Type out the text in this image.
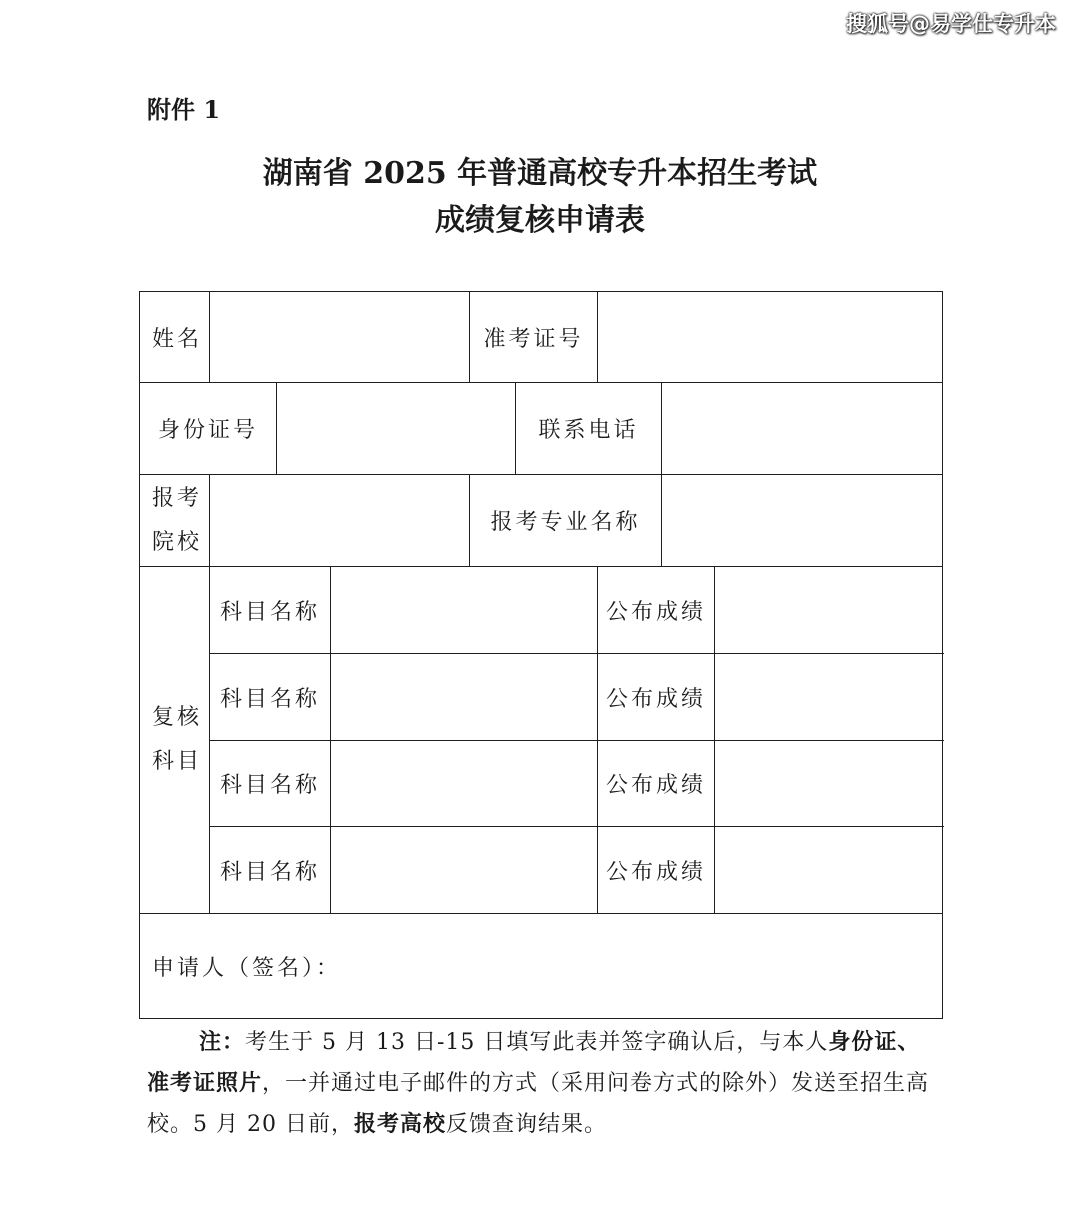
搜狐号@易学仕专升本
附件 1
湖南省 2025 年普通高校专升本招生考试
成绩复核申请表
姓名				准考证号				
身份证号					联系电话			

报考
院校				报考专业名称				

复核
科目	科目名称					公布成绩		
	科目名称					公布成绩		
	科目名称					公布成绩		
	科目名称					公布成绩		
申请人（签名）：								
注：考生于 5 月 13 日-15 日填写此表并签字确认后，与本人身份证、准考证照片，一并通过电子邮件的方式（采用问卷方式的除外）发送至招生高校。5 月 20 日前，报考高校反馈查询结果。
